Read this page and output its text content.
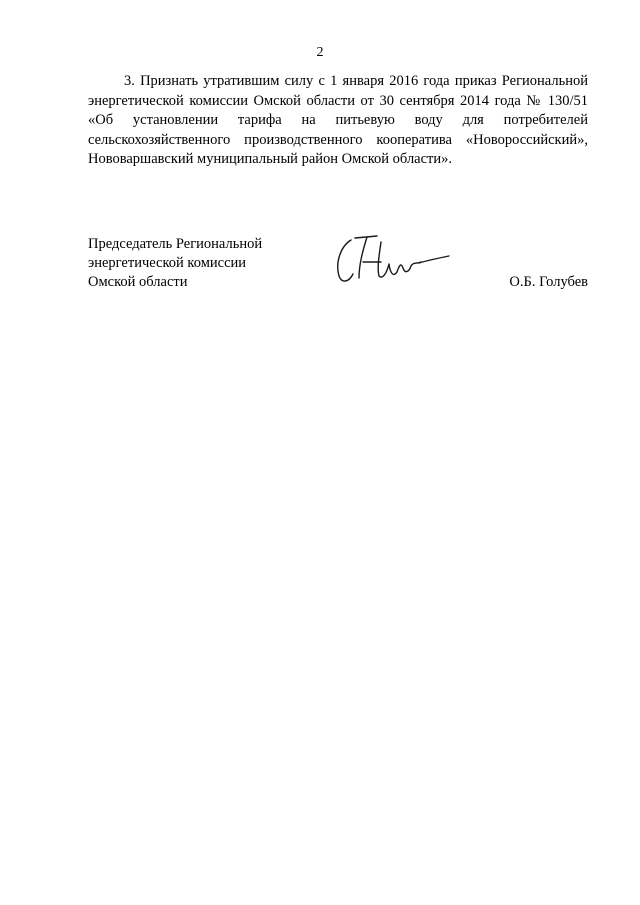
2

3. Признать утратившим силу с 1 января 2016 года приказ Региональной энергетической комиссии Омской области от 30 сентября 2014 года № 130/51 «Об установлении тарифа на питьевую воду для потребителей сельскохозяйственного производственного кооператива «Новороссийский», Нововаршавский муниципальный район Омской области».

Председатель Региональной
энергетической комиссии
Омской области	О.Б. Голубев
